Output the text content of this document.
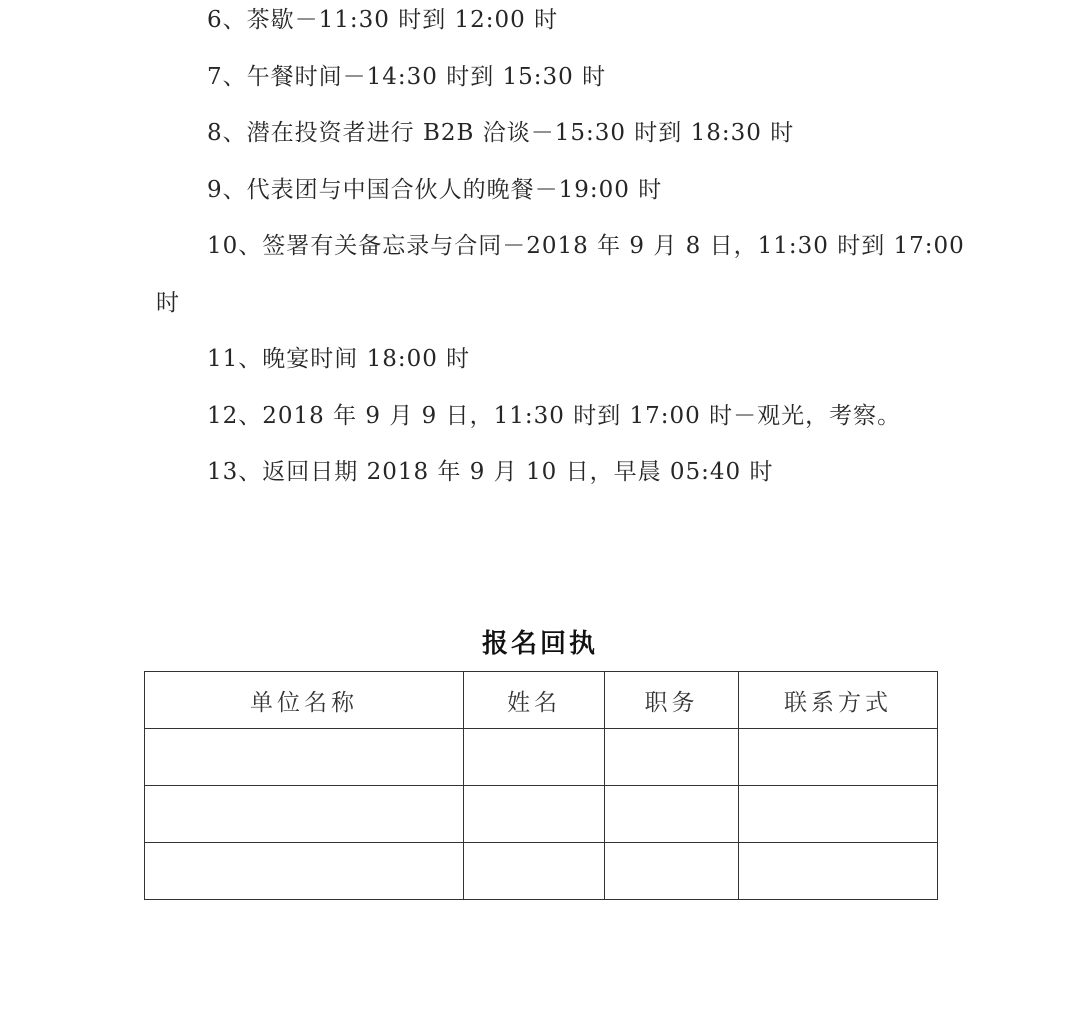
6、茶歇－11:30 时到 12:00 时
7、午餐时间－14:30 时到 15:30 时
8、潜在投资者进行 B2B 洽谈－15:30 时到 18:30 时
9、代表团与中国合伙人的晚餐－19:00 时
10、签署有关备忘录与合同－2018 年 9 月 8 日，11:30 时到 17:00
时
11、晚宴时间 18:00 时
12、2018 年 9 月 9 日，11:30 时到 17:00 时－观光，考察。
13、返回日期 2018 年 9 月 10 日，早晨 05:40 时
报名回执
单位名称	姓名	职务	联系方式
